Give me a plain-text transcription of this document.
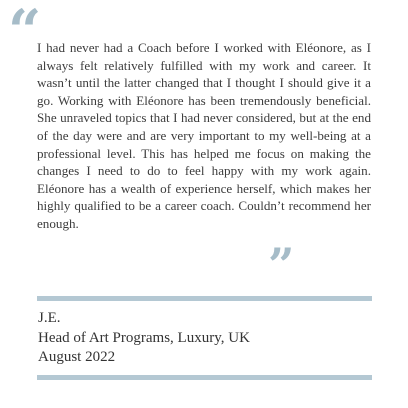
“

I had never had a Coach before I worked with Eléonore, as I always felt relatively fulfilled with my work and career. It wasn’t until the latter changed that I thought I should give it a go. Working with Eléonore has been tremendously beneficial. She unraveled topics that I had never considered, but at the end of the day were and are very important to my well-being at a professional level. This has helped me focus on making the changes I need to do to feel happy with my work again. Eléonore has a wealth of experience herself, which makes her highly qualified to be a career coach. Couldn’t recommend her enough.

”
J.E.
Head of Art Programs, Luxury, UK
August 2022
